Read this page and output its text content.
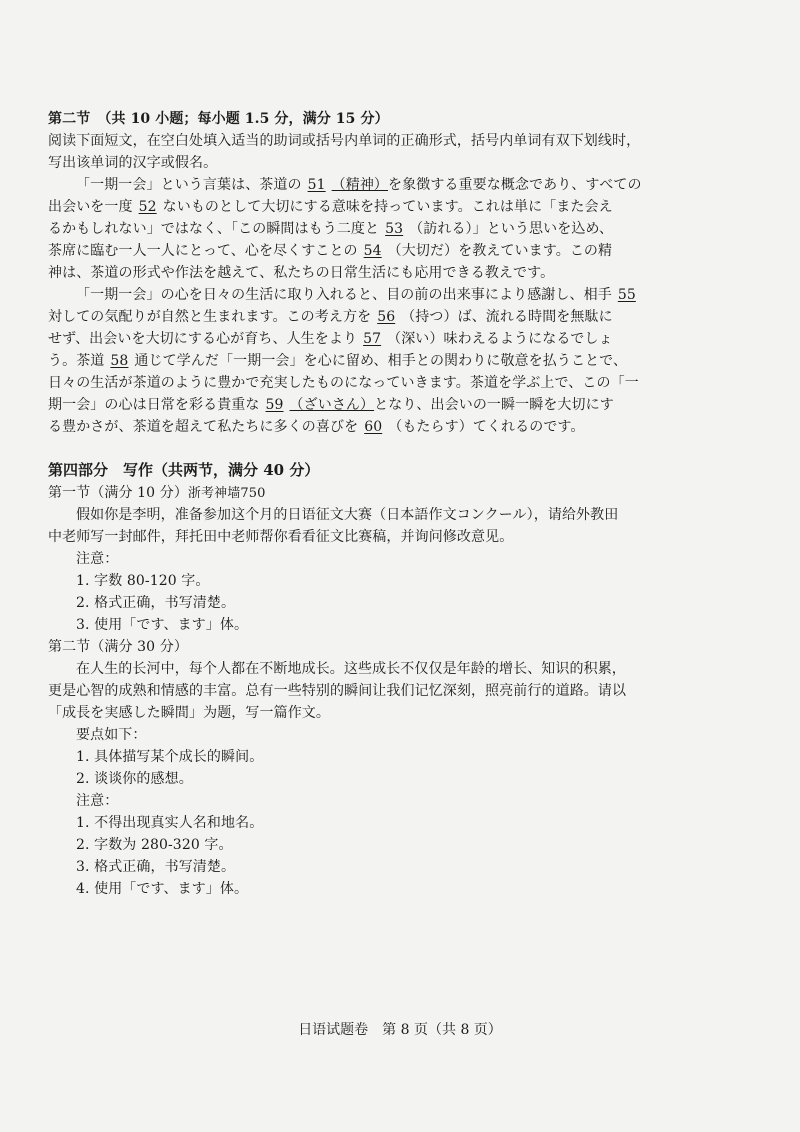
第二节　（共 10 小题；每小题 1.5 分，满分 15 分）

阅读下面短文，在空白处填入适当的助词或括号内单词的正确形式，括号内单词有双下划线时，

写出该单词的汉字或假名。

「一期一会」という言葉は、茶道の 51 （精神）を象徴する重要な概念であり、すべての

出会いを一度 52 ないものとして大切にする意味を持っています。これは単に「また会え

るかもしれない」ではなく、「この瞬間はもう二度と 53 （訪れる）」という思いを込め、

茶席に臨む一人一人にとって、心を尽くすことの 54 （大切だ）を教えています。この精

神は、茶道の形式や作法を越えて、私たちの日常生活にも応用できる教えです。

「一期一会」の心を日々の生活に取り入れると、目の前の出来事により感謝し、相手 55

対しての気配りが自然と生まれます。この考え方を 56 （持つ）ば、流れる時間を無駄に

せず、出会いを大切にする心が育ち、人生をより 57 （深い）味わえるようになるでしょ

う。茶道 58 通じて学んだ「一期一会」を心に留め、相手との関わりに敬意を払うことで、

日々の生活が茶道のように豊かで充実したものになっていきます。茶道を学ぶ上で、この「一

期一会」の心は日常を彩る貴重な 59 （ざいさん）となり、出会いの一瞬一瞬を大切にす

る豊かさが、茶道を超えて私たちに多くの喜びを 60 （もたらす）てくれるのです。

第四部分　写作（共两节，满分 40 分）

第一节（满分 10 分）浙考神墙750

假如你是李明，准备参加这个月的日语征文大赛（日本語作文コンクール），请给外教田

中老师写一封邮件，拜托田中老师帮你看看征文比赛稿，并询问修改意见。

注意：

1. 字数 80-120 字。

2. 格式正确，书写清楚。

3. 使用「です、ます」体。

第二节（满分 30 分）

在人生的长河中，每个人都在不断地成长。这些成长不仅仅是年龄的增长、知识的积累，

更是心智的成熟和情感的丰富。总有一些特别的瞬间让我们记忆深刻，照亮前行的道路。请以

「成長を実感した瞬間」为题，写一篇作文。

要点如下：

1. 具体描写某个成长的瞬间。

2. 谈谈你的感想。

注意：

1. 不得出现真实人名和地名。

2. 字数为 280-320 字。

3. 格式正确，书写清楚。

4. 使用「です、ます」体。

日语试题卷　第 8 页（共 8 页）
